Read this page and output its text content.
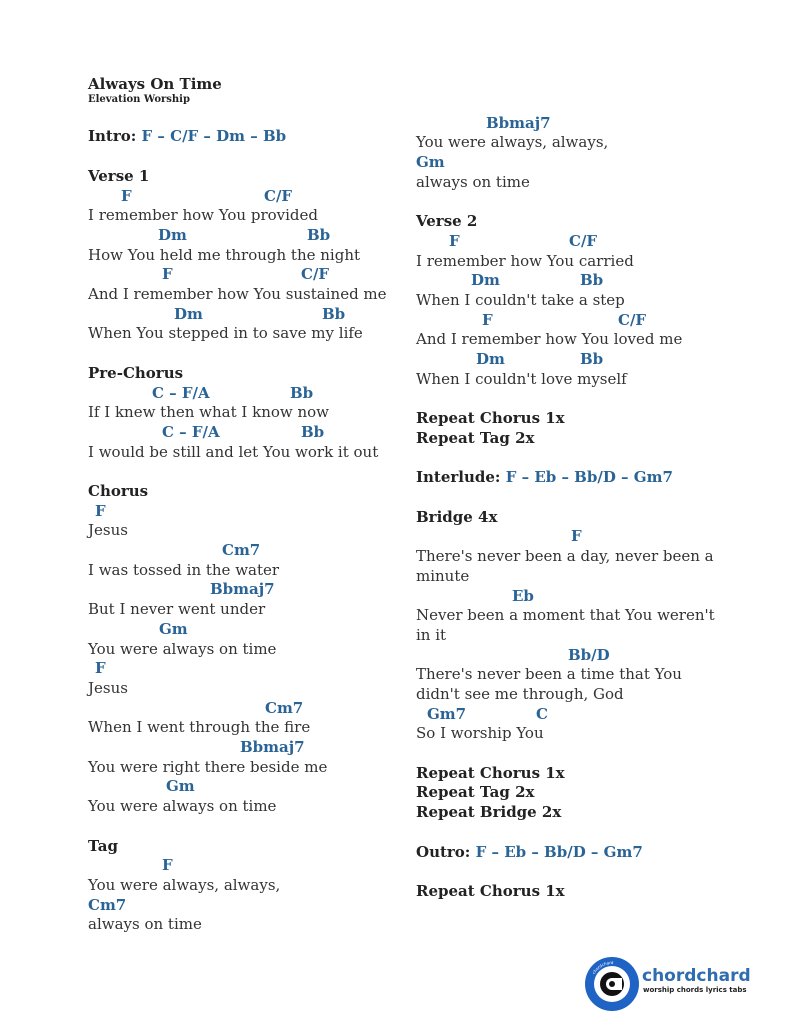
Always On Time
Elevation Worship
Intro: F – C/F – Dm – Bb
Verse 1
F	C/F
I remember how You provided
Dm	Bb
How You held me through the night
F	C/F
And I remember how You sustained me
Dm	Bb
When You stepped in to save my life
Pre-Chorus
C – F/A	Bb
If I knew then what I know now
C – F/A	Bb
I would be still and let You work it out
Chorus
F
Jesus
Cm7
I was tossed in the water
Bbmaj7
But I never went under
Gm
You were always on time
F
Jesus
Cm7
When I went through the fire
Bbmaj7
You were right there beside me
Gm
You were always on time
Tag
F
You were always, always,
Cm7
always on time
Bbmaj7
You were always, always,
Gm
always on time
Verse 2
F	C/F
I remember how You carried
Dm	Bb
When I couldn't take a step
F	C/F
And I remember how You loved me
Dm	Bb
When I couldn't love myself
Repeat Chorus 1x
Repeat Tag 2x
Interlude: F – Eb – Bb/D – Gm7
Bridge 4x
F
There's never been a day, never been a
minute
Eb
Never been a moment that You weren't
in it
Bb/D
There's never been a time that You
didn't see me through, God
Gm7	C
So I worship You
Repeat Chorus 1x
Repeat Tag 2x
Repeat Bridge 2x
Outro: F – Eb – Bb/D – Gm7
Repeat Chorus 1x
chordchard
chordchard
worship chords lyrics tabs
